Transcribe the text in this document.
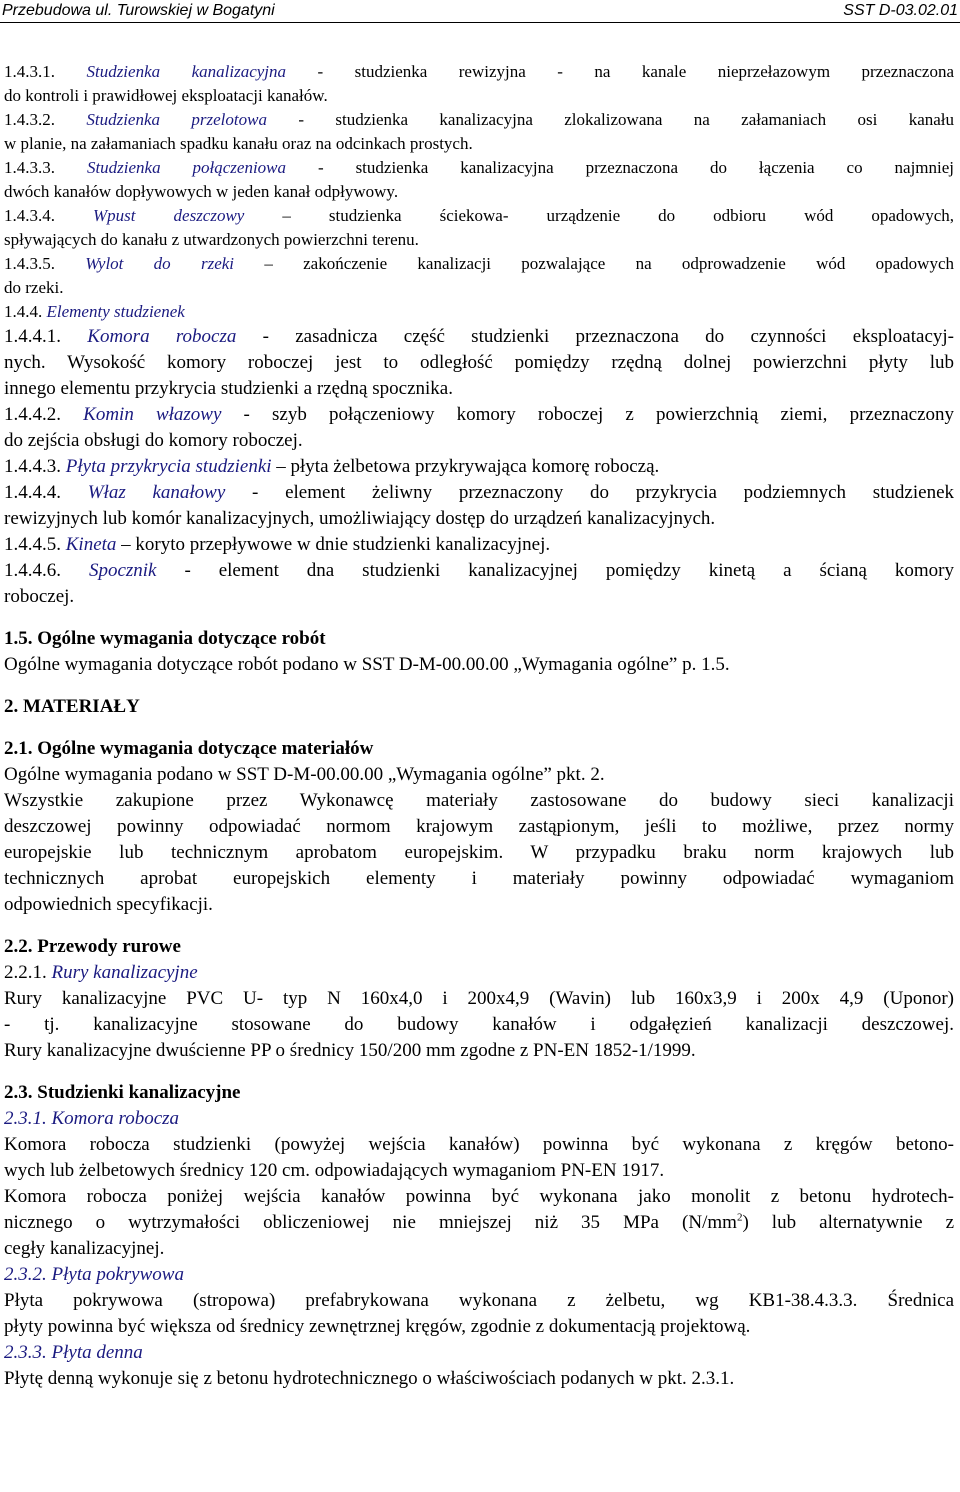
Przebudowa ul. Turowskiej w Bogatyni	SST D-03.02.01

1.4.3.1. Studzienka kanalizacyjna - studzienka rewizyjna - na kanale nieprzełazowym przeznaczona

do kontroli i prawidłowej eksploatacji kanałów.

1.4.3.2. Studzienka przelotowa - studzienka kanalizacyjna zlokalizowana na załamaniach osi kanału

w planie, na załamaniach spadku kanału oraz na odcinkach prostych.

1.4.3.3. Studzienka połączeniowa - studzienka kanalizacyjna przeznaczona do łączenia co najmniej

dwóch kanałów dopływowych w jeden kanał odpływowy.

1.4.3.4. Wpust deszczowy – studzienka ściekowa- urządzenie do odbioru wód opadowych,

spływających do kanału z utwardzonych powierzchni terenu.

1.4.3.5. Wylot do rzeki – zakończenie kanalizacji pozwalające na odprowadzenie wód opadowych

do rzeki.

1.4.4. Elementy studzienek

1.4.4.1. Komora robocza - zasadnicza część studzienki przeznaczona do czynności eksploatacyj-

nych. Wysokość komory roboczej jest to odległość pomiędzy rzędną dolnej powierzchni płyty lub

innego elementu przykrycia studzienki a rzędną spocznika.

1.4.4.2. Komin włazowy - szyb połączeniowy komory roboczej z powierzchnią ziemi, przeznaczony

do zejścia obsługi do komory roboczej.

1.4.4.3. Płyta przykrycia studzienki – płyta żelbetowa przykrywająca komorę roboczą.

1.4.4.4. Właz kanałowy - element żeliwny przeznaczony do przykrycia podziemnych studzienek

rewizyjnych lub komór kanalizacyjnych, umożliwiający dostęp do urządzeń kanalizacyjnych.

1.4.4.5. Kineta – koryto przepływowe w dnie studzienki kanalizacyjnej.

1.4.4.6. Spocznik - element dna studzienki kanalizacyjnej pomiędzy kinetą a ścianą komory

roboczej.

1.5. Ogólne wymagania dotyczące robót

Ogólne wymagania dotyczące robót podano w SST D-M-00.00.00 „Wymagania ogólne” p. 1.5.

2. MATERIAŁY

2.1. Ogólne wymagania dotyczące materiałów

Ogólne wymagania podano w SST D-M-00.00.00 „Wymagania ogólne” pkt. 2.

Wszystkie zakupione przez Wykonawcę materiały zastosowane do budowy sieci kanalizacji

deszczowej powinny odpowiadać normom krajowym zastąpionym, jeśli to możliwe, przez normy

europejskie lub technicznym aprobatom europejskim. W przypadku braku norm krajowych lub

technicznych aprobat europejskich elementy i materiały powinny odpowiadać wymaganiom

odpowiednich specyfikacji.

2.2. Przewody rurowe

2.2.1. Rury kanalizacyjne

Rury kanalizacyjne PVC U- typ N 160x4,0 i 200x4,9 (Wavin) lub 160x3,9 i 200x 4,9 (Uponor)

- tj. kanalizacyjne stosowane do budowy kanałów i odgałęzień kanalizacji deszczowej.

Rury kanalizacyjne dwuścienne PP o średnicy 150/200 mm zgodne z PN-EN 1852-1/1999.

2.3. Studzienki kanalizacyjne

2.3.1. Komora robocza

Komora robocza studzienki (powyżej wejścia kanałów) powinna być wykonana z kręgów betono-

wych lub żelbetowych średnicy 120 cm. odpowiadających wymaganiom PN-EN 1917.

Komora robocza poniżej wejścia kanałów powinna być wykonana jako monolit z betonu hydrotech-

nicznego o wytrzymałości obliczeniowej nie mniejszej niż 35 MPa $(N/mm^2)$ lub alternatywnie z

cegły kanalizacyjnej.

2.3.2. Płyta pokrywowa

Płyta pokrywowa (stropowa) prefabrykowana wykonana z żelbetu, wg KB1-38.4.3.3. Średnica

płyty powinna być większa od średnicy zewnętrznej kręgów, zgodnie z dokumentacją projektową.

2.3.3. Płyta denna

Płytę denną wykonuje się z betonu hydrotechnicznego o właściwościach podanych w pkt. 2.3.1.
